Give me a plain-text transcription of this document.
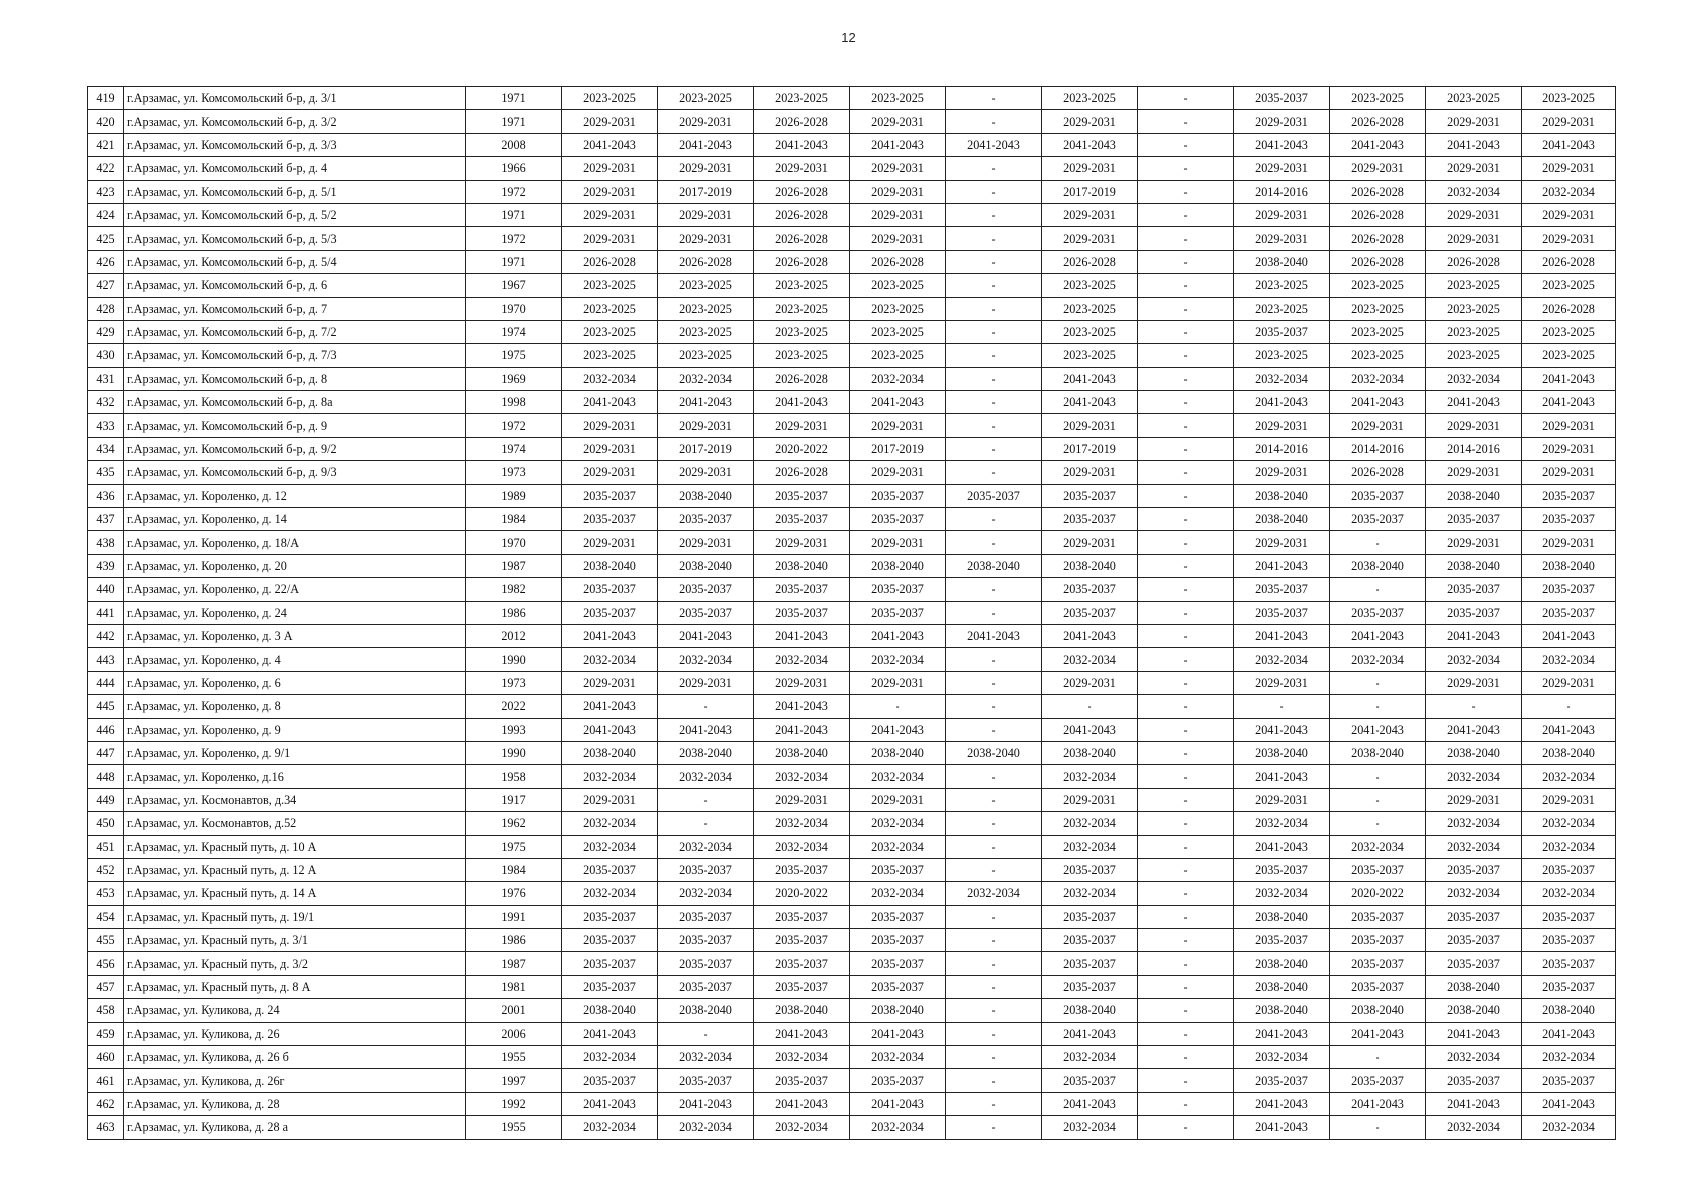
12
419	г.Арзамас, ул. Комсомольский б-р, д. 3/1	1971	2023-2025	2023-2025	2023-2025	2023-2025	-	2023-2025	-	2035-2037	2023-2025	2023-2025	2023-2025
420	г.Арзамас, ул. Комсомольский б-р, д. 3/2	1971	2029-2031	2029-2031	2026-2028	2029-2031	-	2029-2031	-	2029-2031	2026-2028	2029-2031	2029-2031
421	г.Арзамас, ул. Комсомольский б-р, д. 3/3	2008	2041-2043	2041-2043	2041-2043	2041-2043	2041-2043	2041-2043	-	2041-2043	2041-2043	2041-2043	2041-2043
422	г.Арзамас, ул. Комсомольский б-р, д. 4	1966	2029-2031	2029-2031	2029-2031	2029-2031	-	2029-2031	-	2029-2031	2029-2031	2029-2031	2029-2031
423	г.Арзамас, ул. Комсомольский б-р, д. 5/1	1972	2029-2031	2017-2019	2026-2028	2029-2031	-	2017-2019	-	2014-2016	2026-2028	2032-2034	2032-2034
424	г.Арзамас, ул. Комсомольский б-р, д. 5/2	1971	2029-2031	2029-2031	2026-2028	2029-2031	-	2029-2031	-	2029-2031	2026-2028	2029-2031	2029-2031
425	г.Арзамас, ул. Комсомольский б-р, д. 5/3	1972	2029-2031	2029-2031	2026-2028	2029-2031	-	2029-2031	-	2029-2031	2026-2028	2029-2031	2029-2031
426	г.Арзамас, ул. Комсомольский б-р, д. 5/4	1971	2026-2028	2026-2028	2026-2028	2026-2028	-	2026-2028	-	2038-2040	2026-2028	2026-2028	2026-2028
427	г.Арзамас, ул. Комсомольский б-р, д. 6	1967	2023-2025	2023-2025	2023-2025	2023-2025	-	2023-2025	-	2023-2025	2023-2025	2023-2025	2023-2025
428	г.Арзамас, ул. Комсомольский б-р, д. 7	1970	2023-2025	2023-2025	2023-2025	2023-2025	-	2023-2025	-	2023-2025	2023-2025	2023-2025	2026-2028
429	г.Арзамас, ул. Комсомольский б-р, д. 7/2	1974	2023-2025	2023-2025	2023-2025	2023-2025	-	2023-2025	-	2035-2037	2023-2025	2023-2025	2023-2025
430	г.Арзамас, ул. Комсомольский б-р, д. 7/3	1975	2023-2025	2023-2025	2023-2025	2023-2025	-	2023-2025	-	2023-2025	2023-2025	2023-2025	2023-2025
431	г.Арзамас, ул. Комсомольский б-р, д. 8	1969	2032-2034	2032-2034	2026-2028	2032-2034	-	2041-2043	-	2032-2034	2032-2034	2032-2034	2041-2043
432	г.Арзамас, ул. Комсомольский б-р, д. 8а	1998	2041-2043	2041-2043	2041-2043	2041-2043	-	2041-2043	-	2041-2043	2041-2043	2041-2043	2041-2043
433	г.Арзамас, ул. Комсомольский б-р, д. 9	1972	2029-2031	2029-2031	2029-2031	2029-2031	-	2029-2031	-	2029-2031	2029-2031	2029-2031	2029-2031
434	г.Арзамас, ул. Комсомольский б-р, д. 9/2	1974	2029-2031	2017-2019	2020-2022	2017-2019	-	2017-2019	-	2014-2016	2014-2016	2014-2016	2029-2031
435	г.Арзамас, ул. Комсомольский б-р, д. 9/3	1973	2029-2031	2029-2031	2026-2028	2029-2031	-	2029-2031	-	2029-2031	2026-2028	2029-2031	2029-2031
436	г.Арзамас, ул. Короленко, д. 12	1989	2035-2037	2038-2040	2035-2037	2035-2037	2035-2037	2035-2037	-	2038-2040	2035-2037	2038-2040	2035-2037
437	г.Арзамас, ул. Короленко, д. 14	1984	2035-2037	2035-2037	2035-2037	2035-2037	-	2035-2037	-	2038-2040	2035-2037	2035-2037	2035-2037
438	г.Арзамас, ул. Короленко, д. 18/А	1970	2029-2031	2029-2031	2029-2031	2029-2031	-	2029-2031	-	2029-2031	-	2029-2031	2029-2031
439	г.Арзамас, ул. Короленко, д. 20	1987	2038-2040	2038-2040	2038-2040	2038-2040	2038-2040	2038-2040	-	2041-2043	2038-2040	2038-2040	2038-2040
440	г.Арзамас, ул. Короленко, д. 22/А	1982	2035-2037	2035-2037	2035-2037	2035-2037	-	2035-2037	-	2035-2037	-	2035-2037	2035-2037
441	г.Арзамас, ул. Короленко, д. 24	1986	2035-2037	2035-2037	2035-2037	2035-2037	-	2035-2037	-	2035-2037	2035-2037	2035-2037	2035-2037
442	г.Арзамас, ул. Короленко, д. 3 А	2012	2041-2043	2041-2043	2041-2043	2041-2043	2041-2043	2041-2043	-	2041-2043	2041-2043	2041-2043	2041-2043
443	г.Арзамас, ул. Короленко, д. 4	1990	2032-2034	2032-2034	2032-2034	2032-2034	-	2032-2034	-	2032-2034	2032-2034	2032-2034	2032-2034
444	г.Арзамас, ул. Короленко, д. 6	1973	2029-2031	2029-2031	2029-2031	2029-2031	-	2029-2031	-	2029-2031	-	2029-2031	2029-2031
445	г.Арзамас, ул. Короленко, д. 8	2022	2041-2043	-	2041-2043	-	-	-	-	-	-	-	-
446	г.Арзамас, ул. Короленко, д. 9	1993	2041-2043	2041-2043	2041-2043	2041-2043	-	2041-2043	-	2041-2043	2041-2043	2041-2043	2041-2043
447	г.Арзамас, ул. Короленко, д. 9/1	1990	2038-2040	2038-2040	2038-2040	2038-2040	2038-2040	2038-2040	-	2038-2040	2038-2040	2038-2040	2038-2040
448	г.Арзамас, ул. Короленко, д.16	1958	2032-2034	2032-2034	2032-2034	2032-2034	-	2032-2034	-	2041-2043	-	2032-2034	2032-2034
449	г.Арзамас, ул. Космонавтов, д.34	1917	2029-2031	-	2029-2031	2029-2031	-	2029-2031	-	2029-2031	-	2029-2031	2029-2031
450	г.Арзамас, ул. Космонавтов, д.52	1962	2032-2034	-	2032-2034	2032-2034	-	2032-2034	-	2032-2034	-	2032-2034	2032-2034
451	г.Арзамас, ул. Красный путь, д. 10 А	1975	2032-2034	2032-2034	2032-2034	2032-2034	-	2032-2034	-	2041-2043	2032-2034	2032-2034	2032-2034
452	г.Арзамас, ул. Красный путь, д. 12 А	1984	2035-2037	2035-2037	2035-2037	2035-2037	-	2035-2037	-	2035-2037	2035-2037	2035-2037	2035-2037
453	г.Арзамас, ул. Красный путь, д. 14 А	1976	2032-2034	2032-2034	2020-2022	2032-2034	2032-2034	2032-2034	-	2032-2034	2020-2022	2032-2034	2032-2034
454	г.Арзамас, ул. Красный путь, д. 19/1	1991	2035-2037	2035-2037	2035-2037	2035-2037	-	2035-2037	-	2038-2040	2035-2037	2035-2037	2035-2037
455	г.Арзамас, ул. Красный путь, д. 3/1	1986	2035-2037	2035-2037	2035-2037	2035-2037	-	2035-2037	-	2035-2037	2035-2037	2035-2037	2035-2037
456	г.Арзамас, ул. Красный путь, д. 3/2	1987	2035-2037	2035-2037	2035-2037	2035-2037	-	2035-2037	-	2038-2040	2035-2037	2035-2037	2035-2037
457	г.Арзамас, ул. Красный путь, д. 8 А	1981	2035-2037	2035-2037	2035-2037	2035-2037	-	2035-2037	-	2038-2040	2035-2037	2038-2040	2035-2037
458	г.Арзамас, ул. Куликова, д. 24	2001	2038-2040	2038-2040	2038-2040	2038-2040	-	2038-2040	-	2038-2040	2038-2040	2038-2040	2038-2040
459	г.Арзамас, ул. Куликова, д. 26	2006	2041-2043	-	2041-2043	2041-2043	-	2041-2043	-	2041-2043	2041-2043	2041-2043	2041-2043
460	г.Арзамас, ул. Куликова, д. 26 б	1955	2032-2034	2032-2034	2032-2034	2032-2034	-	2032-2034	-	2032-2034	-	2032-2034	2032-2034
461	г.Арзамас, ул. Куликова, д. 26г	1997	2035-2037	2035-2037	2035-2037	2035-2037	-	2035-2037	-	2035-2037	2035-2037	2035-2037	2035-2037
462	г.Арзамас, ул. Куликова, д. 28	1992	2041-2043	2041-2043	2041-2043	2041-2043	-	2041-2043	-	2041-2043	2041-2043	2041-2043	2041-2043
463	г.Арзамас, ул. Куликова, д. 28 а	1955	2032-2034	2032-2034	2032-2034	2032-2034	-	2032-2034	-	2041-2043	-	2032-2034	2032-2034
